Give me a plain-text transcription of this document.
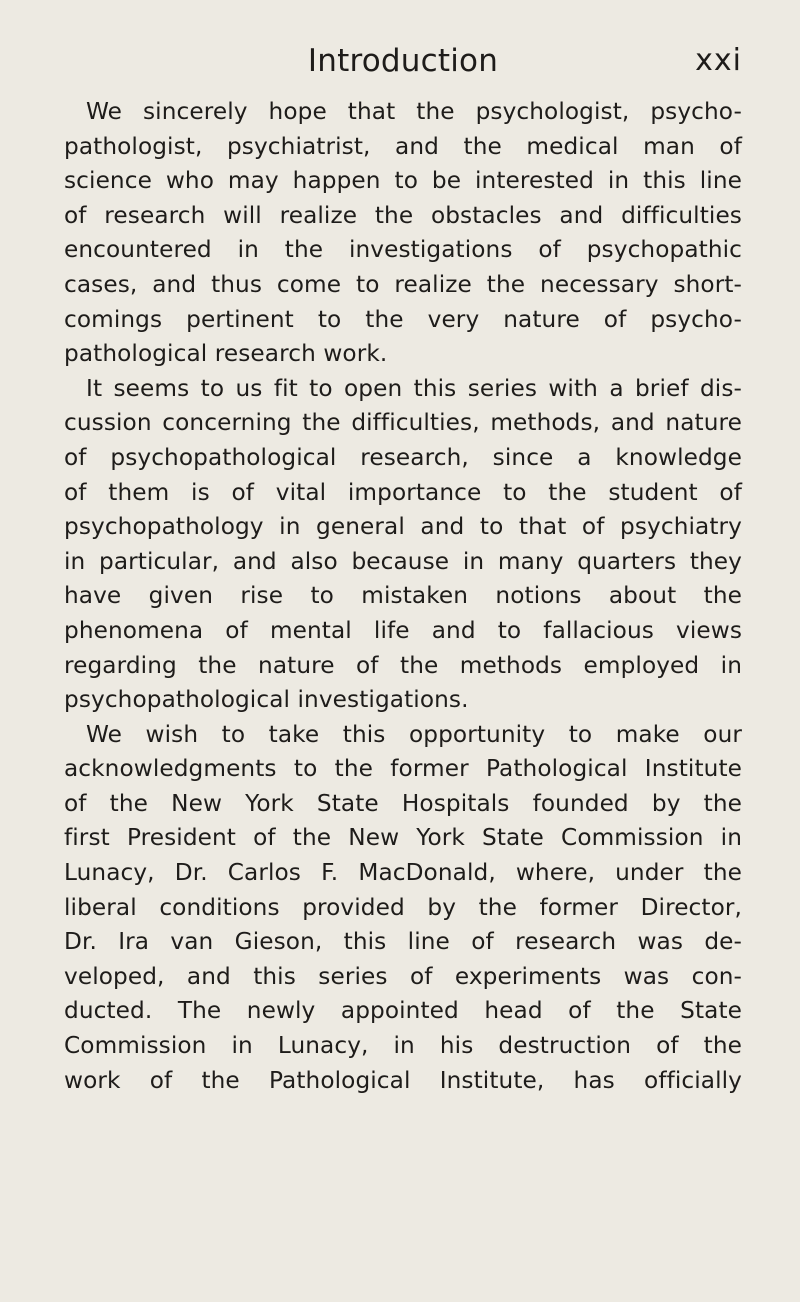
Introduction	xxi
We sincerely hope that the psychologist, psycho-
pathologist, psychiatrist, and the medical man of
science who may happen to be interested in this line
of research will realize the obstacles and difficulties
encountered in the investigations of psychopathic
cases, and thus come to realize the necessary short-
comings pertinent to the very nature of psycho-
pathological research work.
It seems to us fit to open this series with a brief dis-
cussion concerning the difficulties, methods, and nature
of psychopathological research, since a knowledge
of them is of vital importance to the student of
psychopathology in general and to that of psychiatry
in particular, and also because in many quarters they
have given rise to mistaken notions about the
phenomena of mental life and to fallacious views
regarding the nature of the methods employed in
psychopathological investigations.
We wish to take this opportunity to make our
acknowledgments to the former Pathological Institute
of the New York State Hospitals founded by the
first President of the New York State Commission in
Lunacy, Dr. Carlos F. MacDonald, where, under the
liberal conditions provided by the former Director,
Dr. Ira van Gieson, this line of research was de-
veloped, and this series of experiments was con-
ducted. The newly appointed head of the State
Commission in Lunacy, in his destruction of the
work of the Pathological Institute, has officially
